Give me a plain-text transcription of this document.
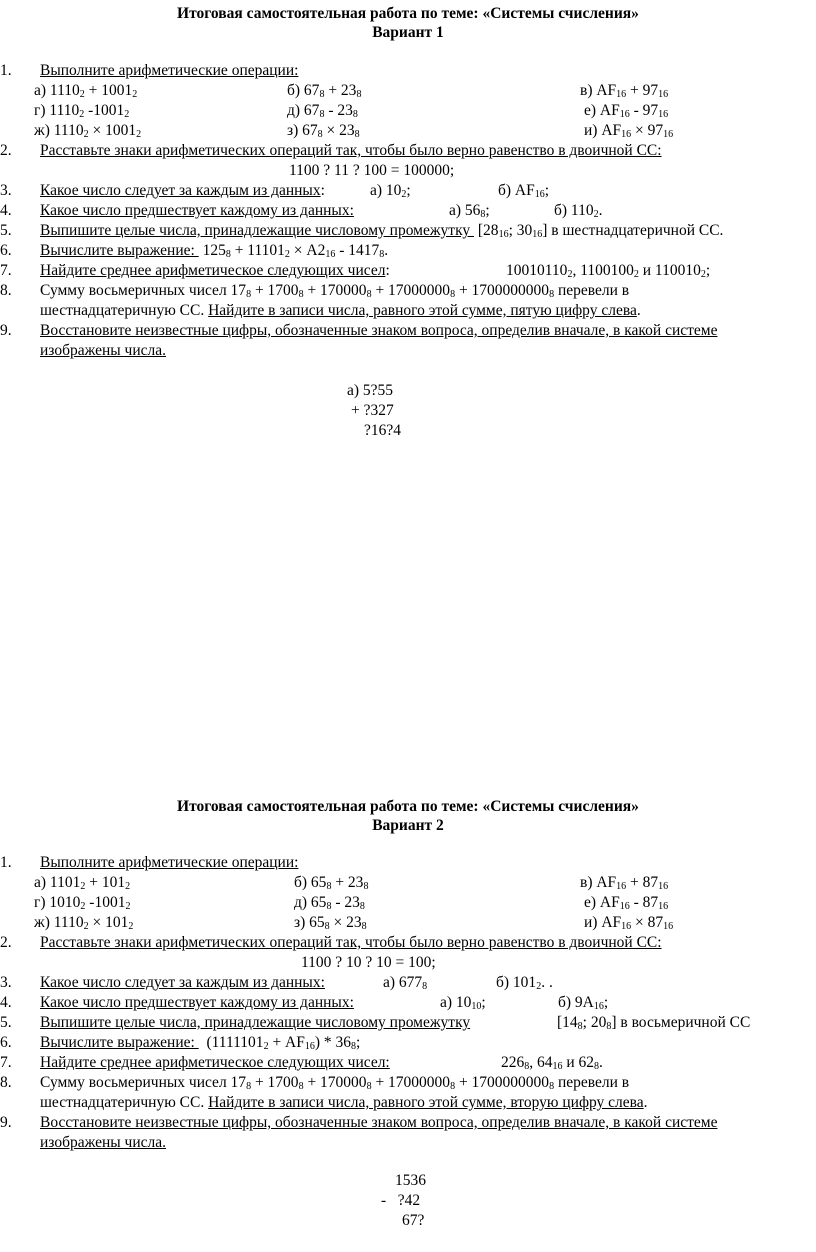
Итоговая самостоятельная работа по теме: «Системы счисления»
Вариант 1
1. Выполните арифметические операции:
а) $1110_2 + 1001_2$	б) $67_8 + 23_8$	в) $AF_{16} + 97_{16}$
г) $1110_2$ $-1001_2$	д) $67_8 - 23_8$	е) $AF_{16} - 97_{16}$
ж) $1110_2 \times 1001_2$	з) $67_8 \times 23_8$	и) $AF_{16} \times 97_{16}$
2. Расставьте знаки арифметических операций так, чтобы было верно равенство в двоичной СС:
1100 ? 11 ? 100 = 100000;
3. Какое число следует за каждым из данных:	а) $10_2$;	б) $AF_{16}$;
4. Какое число предшествует каждому из данных:	а) $56_8$;	б) $110_2$.
5. Выпишите целые числа, принадлежащие числовому промежутку  [$28_{16}$; $30_{16}$] в шестнадцатеричной СС.
6. Вычислите выражение:  $125_8 + 11101_2 \times A2_{16} - 1417_8$.
7. Найдите среднее арифметическое следующих чисел:	$10010110_2$, $1100100_2$ и $110010_2$;
8. Сумму восьмеричных чисел $17_8 + 1700_8 + 170000_8 + 17000000_8 + 1700000000_8$ перевели в
шестнадцатеричную СС. Найдите в записи числа, равного этой сумме, пятую цифру слева.
9. Восстановите неизвестные цифры, обозначенные знаком вопроса, определив вначале, в какой системе
изображены числа.
а) 5?55
+ ?327
?16?4
Итоговая самостоятельная работа по теме: «Системы счисления»
Вариант 2
1. Выполните арифметические операции:
а) $1101_2 + 101_2$	б) $65_8 + 23_8$	в) $AF_{16} + 87_{16}$
г) $1010_2$ $-1001_2$	д) $65_8 - 23_8$	е) $AF_{16} - 87_{16}$
ж) $1110_2 \times 101_2$	з) $65_8 \times 23_8$	и) $AF_{16} \times 87_{16}$
2. Расставьте знаки арифметических операций так, чтобы было верно равенство в двоичной СС:
1100 ? 10 ? 10 = 100;
3. Какое число следует за каждым из данных:	а) $677_8$	б) $101_2$. .
4. Какое число предшествует каждому из данных:	а) $10_{10}$;	б) $9A_{16}$;
5. Выпишите целые числа, принадлежащие числовому промежутку	[$14_8$; $20_8$] в восьмеричной СС
6. Вычислите выражение:   $(1111101_2 + AF_{16}) * 36_8$;
7. Найдите среднее арифметическое следующих чисел:	$226_8$, $64_{16}$ и $62_8$.
8. Сумму восьмеричных чисел $17_8 + 1700_8 + 170000_8 + 17000000_8 + 1700000000_8$ перевели в
шестнадцатеричную СС. Найдите в записи числа, равного этой сумме, вторую цифру слева.
9. Восстановите неизвестные цифры, обозначенные знаком вопроса, определив вначале, в какой системе
изображены числа.
1536
-   ?42
67?
